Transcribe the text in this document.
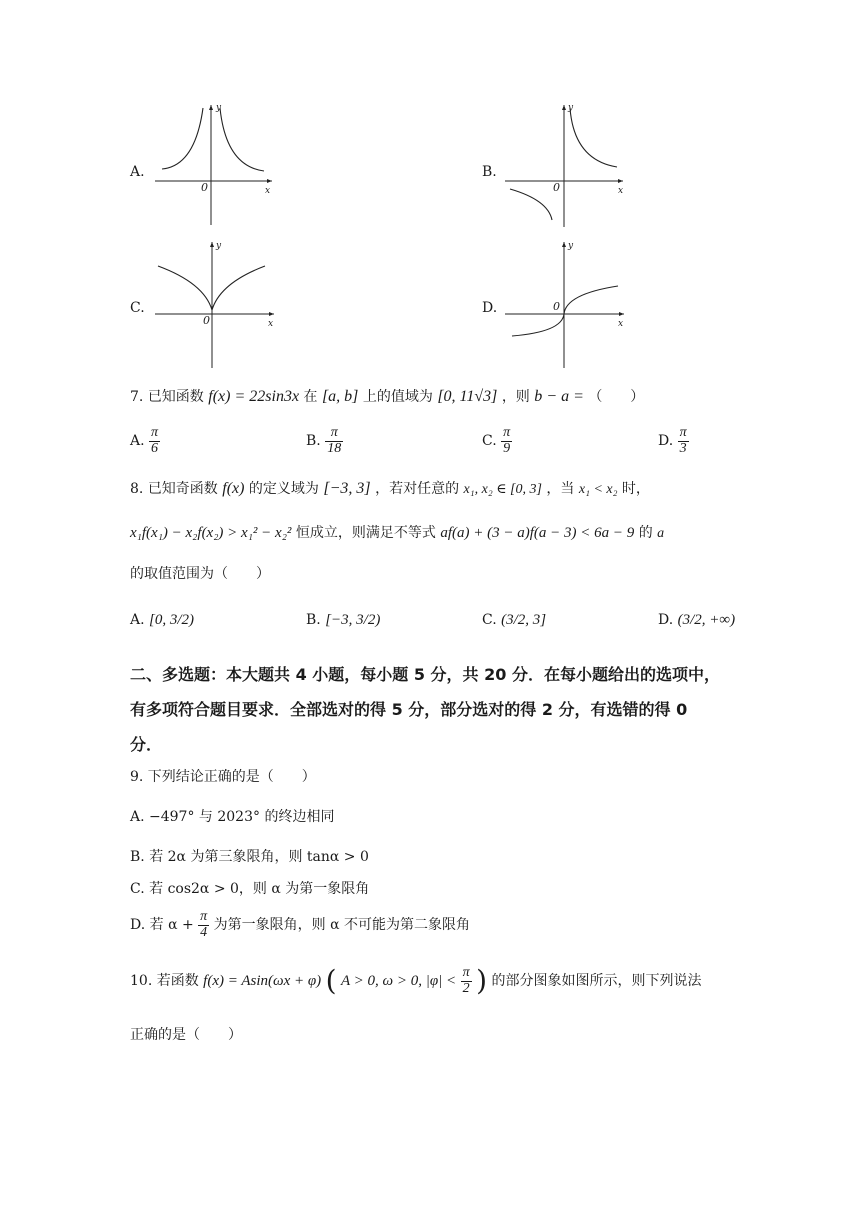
A.
y
x
0
B.
y
x
0
C.
y
x
0
D.
y
x
0
7. 已知函数 f(x) = 22sin3x 在 [a, b] 上的值域为 [0, 11√3] ，则 b − a = （　　）
A. $\frac{\pi}{6}$	B. $\frac{\pi}{18}$	C. $\frac{\pi}{9}$	D. $\frac{\pi}{3}$
8. 已知奇函数 f(x) 的定义域为 [−3, 3] ，若对任意的 x₁, x₂ ∈ [0, 3] ，当 x₁ < x₂ 时，
x₁f(x₁) − x₂f(x₂) > x₁² − x₂² 恒成立，则满足不等式 af(a) + (3 − a)f(a − 3) < 6a − 9 的 a
的取值范围为（　　）
A. [0, 3/2)	B. [−3, 3/2)	C. (3/2, 3]	D. (3/2, +∞)
二、多选题：本大题共 4 小题，每小题 5 分，共 20 分．在每小题给出的选项中，
有多项符合题目要求．全部选对的得 5 分，部分选对的得 2 分，有选错的得 0
分．
9. 下列结论正确的是（　　）
A. −497° 与 2023° 的终边相同
B. 若 2α 为第三象限角，则 tanα > 0
C. 若 cos2α > 0，则 α 为第一象限角
D. 若 $\alpha + \frac{\pi}{4}$ 为第一象限角，则 α 不可能为第二象限角
10. 若函数 f(x) = Asin(ωx + φ) ( A > 0, ω > 0, $|\varphi| < \frac{\pi}{2}$ ) 的部分图象如图所示，则下列说法
正确的是（　　）
